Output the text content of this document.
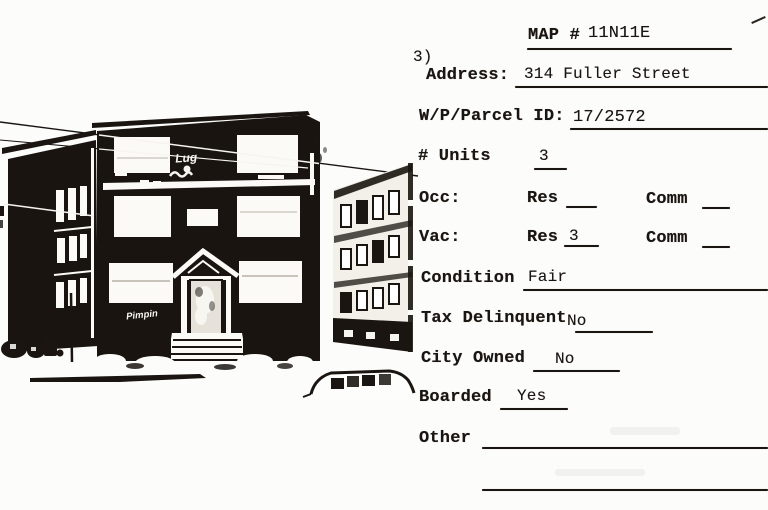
Lug
Pimpin
MAP # 11N11E
3)
Address: 314 Fuller Street
W/P/Parcel ID: 17/2572
# Units	3
Occ:	Res	Comm
Vac:	Res 3	Comm
Condition Fair
Tax Delinquent No
City Owned No
Boarded Yes
Other
